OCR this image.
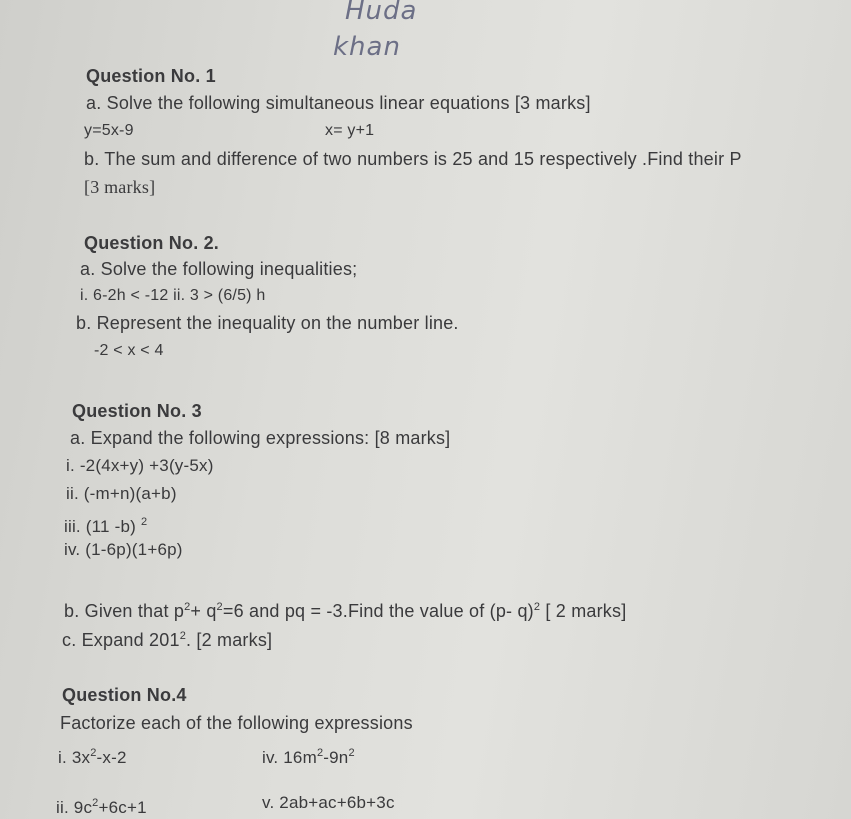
Huda
khan
Question No. 1
a. Solve the following simultaneous linear equations [3 marks]
y=5x-9	x= y+1
b. The sum and difference of two numbers is 25 and 15 respectively .Find their P
[3 marks]
Question No. 2.
a. Solve the following inequalities;
i. 6-2h < -12 ii. 3 > (6/5) h
b. Represent the inequality on the number line.
-2 < x < 4
Question No. 3
a. Expand the following expressions: [8 marks]
i. -2(4x+y) +3(y-5x)
ii. (-m+n)(a+b)
iii. (11 -b) $^2$
iv. (1-6p)(1+6p)
b. Given that $p^2+ q^2=6$ and pq = -3.Find the value of (p- q)$^2$ [ 2 marks]
c. Expand $201^2$. [2 marks]
Question No.4
Factorize each of the following expressions
i. $3x^2-x-2$	iv. $16m^2-9n^2$
ii. $9c^2+6c+1$	v. 2ab+ac+6b+3c
